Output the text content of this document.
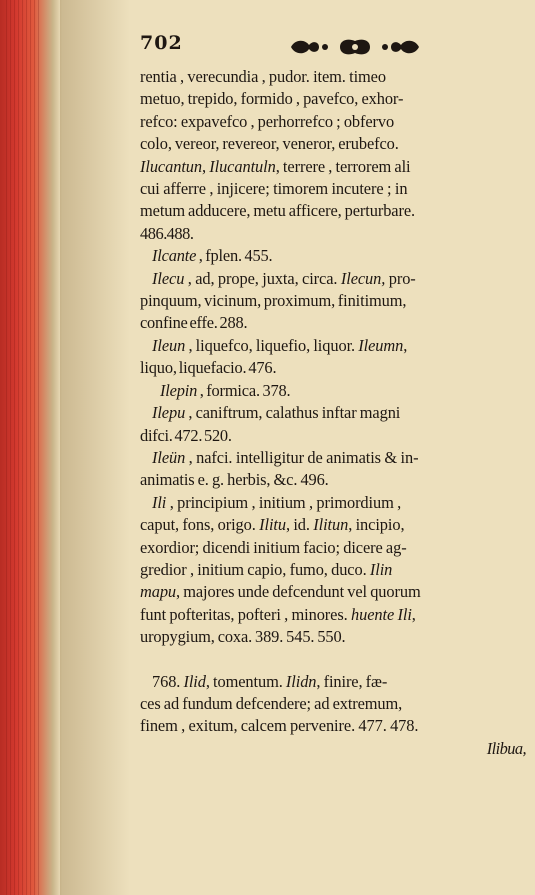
702
rentia , verecundia , pudor. item. timeo
metuo, trepido, formido , pavefco, exhor-
refco: expavefco , perhorrefco ; obfervo
colo, vereor, revereor, veneror, erubefco.
Ilucantun, Ilucantuln, terrere , terrorem ali
cui afferre , injicere; timorem incutere ; in
metum adducere, metu afficere, perturbare.
486. 488.
Ilcante , fplen. 455.
Ilecu , ad, prope, juxta, circa. Ilecun, pro-
pinquum, vicinum, proximum, finitimum,
confine effe. 288.
Ileun , liquefco, liquefio, liquor. Ileumn,
liquo, liquefacio. 476.
Ilepin , formica. 378.
Ilepu , caniftrum, calathus inftar magni
difci. 472. 520.
Ileün , nafci. intelligitur de animatis & in-
animatis e. g. herbis, &c. 496.
Ili , principium , initium , primordium ,
caput, fons, origo. Ilitu, id. Ilitun, incipio,
exordior; dicendi initium facio; dicere ag-
gredior , initium capio, fumo, duco. Ilin
mapu, majores unde defcendunt vel quorum
funt pofteritas, pofteri , minores. huente Ili,
uropygium, coxa. 389. 545. 550.
768. Ilid, tomentum. Ilidn, finire, fæ-
ces ad fundum defcendere; ad extremum,
finem , exitum, calcem pervenire. 477. 478.
Ilibua,
